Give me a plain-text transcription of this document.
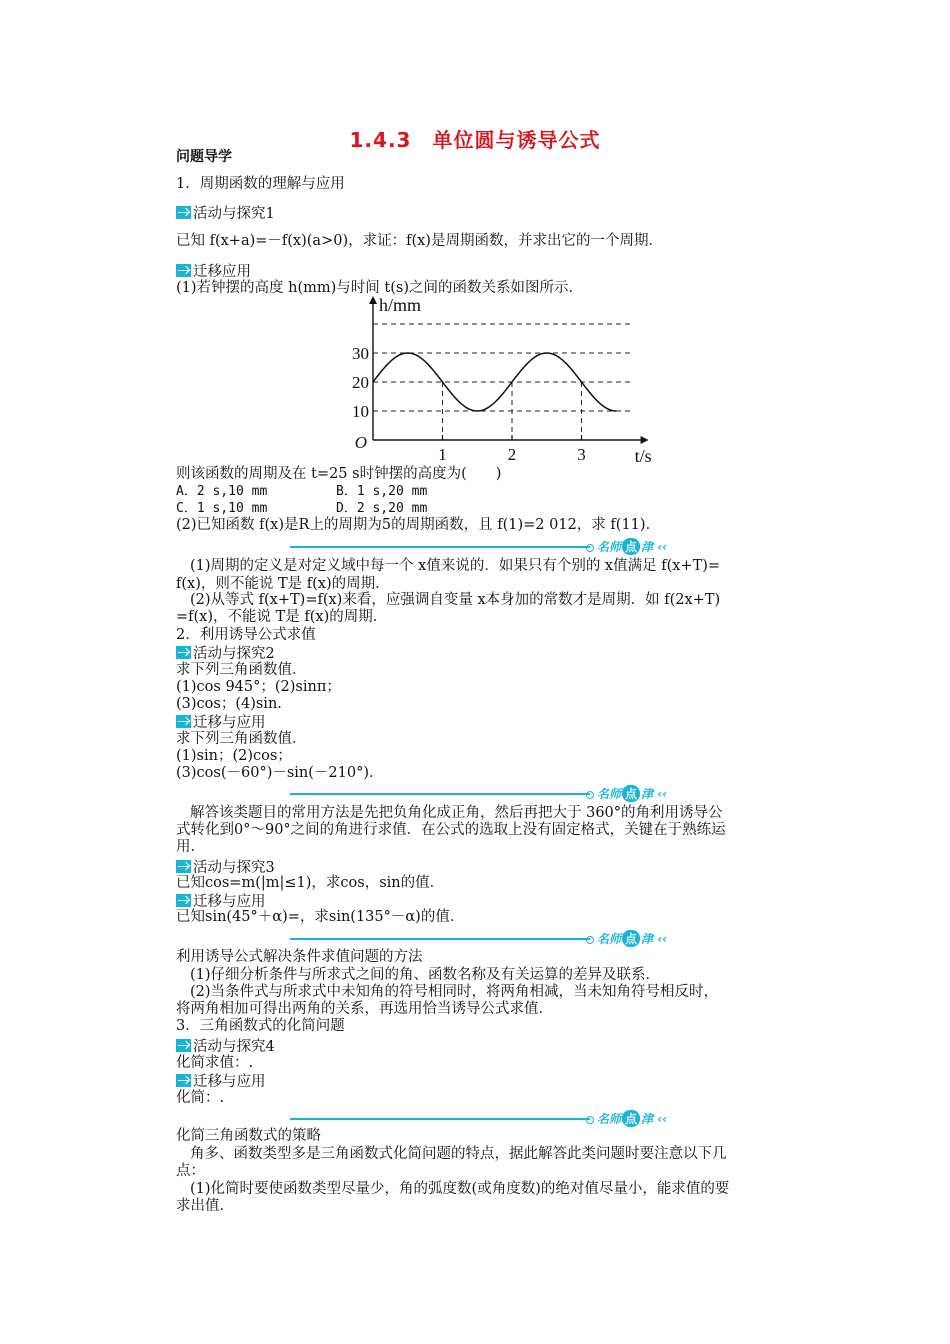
1.4.3　单位圆与诱导公式
问题导学
1．周期函数的理解与应用
活动与探究1
已知 f(x+a)=－f(x)(a>0)，求证：f(x)是周期函数，并求出它的一个周期．
迁移应用
(1)若钟摆的高度 h(mm)与时间 t(s)之间的函数关系如图所示．
10
20
30
1	2	3
O
h/mm
t/s
则该函数的周期及在 t=25 s时钟摆的高度为(　　)
A．2 s,10 mm	B．1 s,20 mm
C．1 s,10 mm	D．2 s,20 mm
(2)已知函数 f(x)是R上的周期为5的周期函数，且 f(1)=2 012，求 f(11)．
名师 点 津 ‹‹
(1)周期的定义是对定义域中每一个 x值来说的．如果只有个别的 x值满足 f(x+T)=
f(x)，则不能说 T是 f(x)的周期．
(2)从等式 f(x+T)=f(x)来看，应强调自变量 x本身加的常数才是周期．如 f(2x+T)
=f(x)，不能说 T是 f(x)的周期．
2．利用诱导公式求值
活动与探究2
求下列三角函数值．
(1)cos 945°；(2)sinπ；
(3)cos；(4)sin.
迁移与应用
求下列三角函数值．
(1)sin；(2)cos；
(3)cos(－60°)－sin(－210°)．
名师 点 津 ‹‹
解答该类题目的常用方法是先把负角化成正角，然后再把大于 360°的角利用诱导公
式转化到0°～90°之间的角进行求值．在公式的选取上没有固定格式，关键在于熟练运
用．
活动与探究3
已知cos=m(|m|≤1)，求cos，sin的值．
迁移与应用
已知sin(45°＋α)=，求sin(135°－α)的值．
名师 点 津 ‹‹
利用诱导公式解决条件求值问题的方法
(1)仔细分析条件与所求式之间的角、函数名称及有关运算的差异及联系．
(2)当条件式与所求式中未知角的符号相同时，将两角相减，当未知角符号相反时，
将两角相加可得出两角的关系，再选用恰当诱导公式求值．
3．三角函数式的化简问题
活动与探究4
化简求值：.
迁移与应用
化简：.
名师 点 津 ‹‹
化简三角函数式的策略
角多、函数类型多是三角函数式化简问题的特点，据此解答此类问题时要注意以下几
点：
(1)化简时要使函数类型尽量少，角的弧度数(或角度数)的绝对值尽量小，能求值的要
求出值．
